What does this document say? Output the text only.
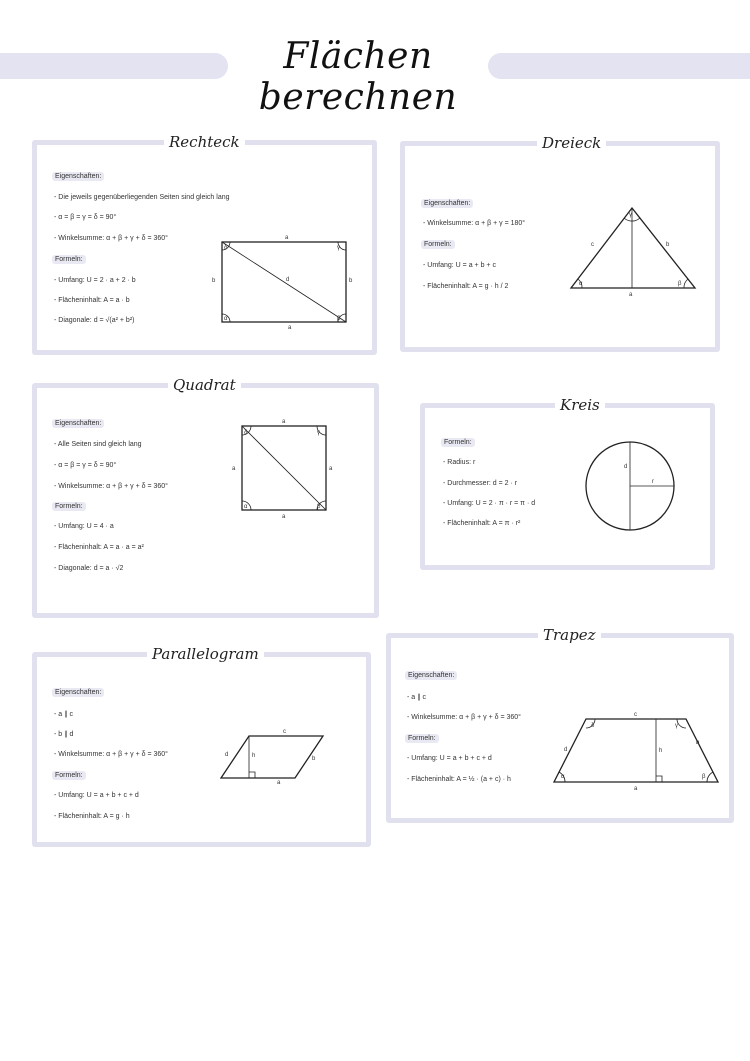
Flächen berechnen
Rechteck
Eigenschaften:
- Die jeweils gegenüberliegenden Seiten sind gleich lang
- α = β = γ = δ = 90°
- Winkelsumme: α + β + γ + δ = 360°
Formeln:
- Umfang: U = 2 · a + 2 · b
- Flächeninhalt: A = a · b
- Diagonale: d = √(a² + b²)
a
a
b	b
d
δ	γ
α	β
Dreieck
Eigenschaften:
- Winkelsumme: α + β + γ = 180°
Formeln:
- Umfang: U = a + b + c
- Flächeninhalt: A = g · h / 2
a
c	b
α	β
γ
Quadrat
Eigenschaften:
- Alle Seiten sind gleich lang
- α = β = γ = δ = 90°
- Winkelsumme: α + β + γ + δ = 360°
Formeln:
- Umfang: U = 4 · a
- Flächeninhalt: A = a · a = a²
- Diagonale: d = a · √2
a
a
a	a
δ	γ
α	β
Kreis
Formeln:
- Radius: r
- Durchmesser: d = 2 · r
- Umfang: U = 2 · π · r = π · d
- Flächeninhalt: A = π · r²
d
r
Parallelogram
Eigenschaften:
- a ∥ c
- b ∥ d
- Winkelsumme: α + β + γ + δ = 360°
Formeln:
- Umfang: U = a + b + c + d
- Flächeninhalt: A = g · h
c
a
d	h	b
Trapez
Eigenschaften:
- a ∥ c
- Winkelsumme: α + β + γ + δ = 360°
Formeln:
- Umfang: U = a + b + c + d
- Flächeninhalt: A = ½ · (a + c) · h
c
a
d
b
h
α	β
γ
δ
